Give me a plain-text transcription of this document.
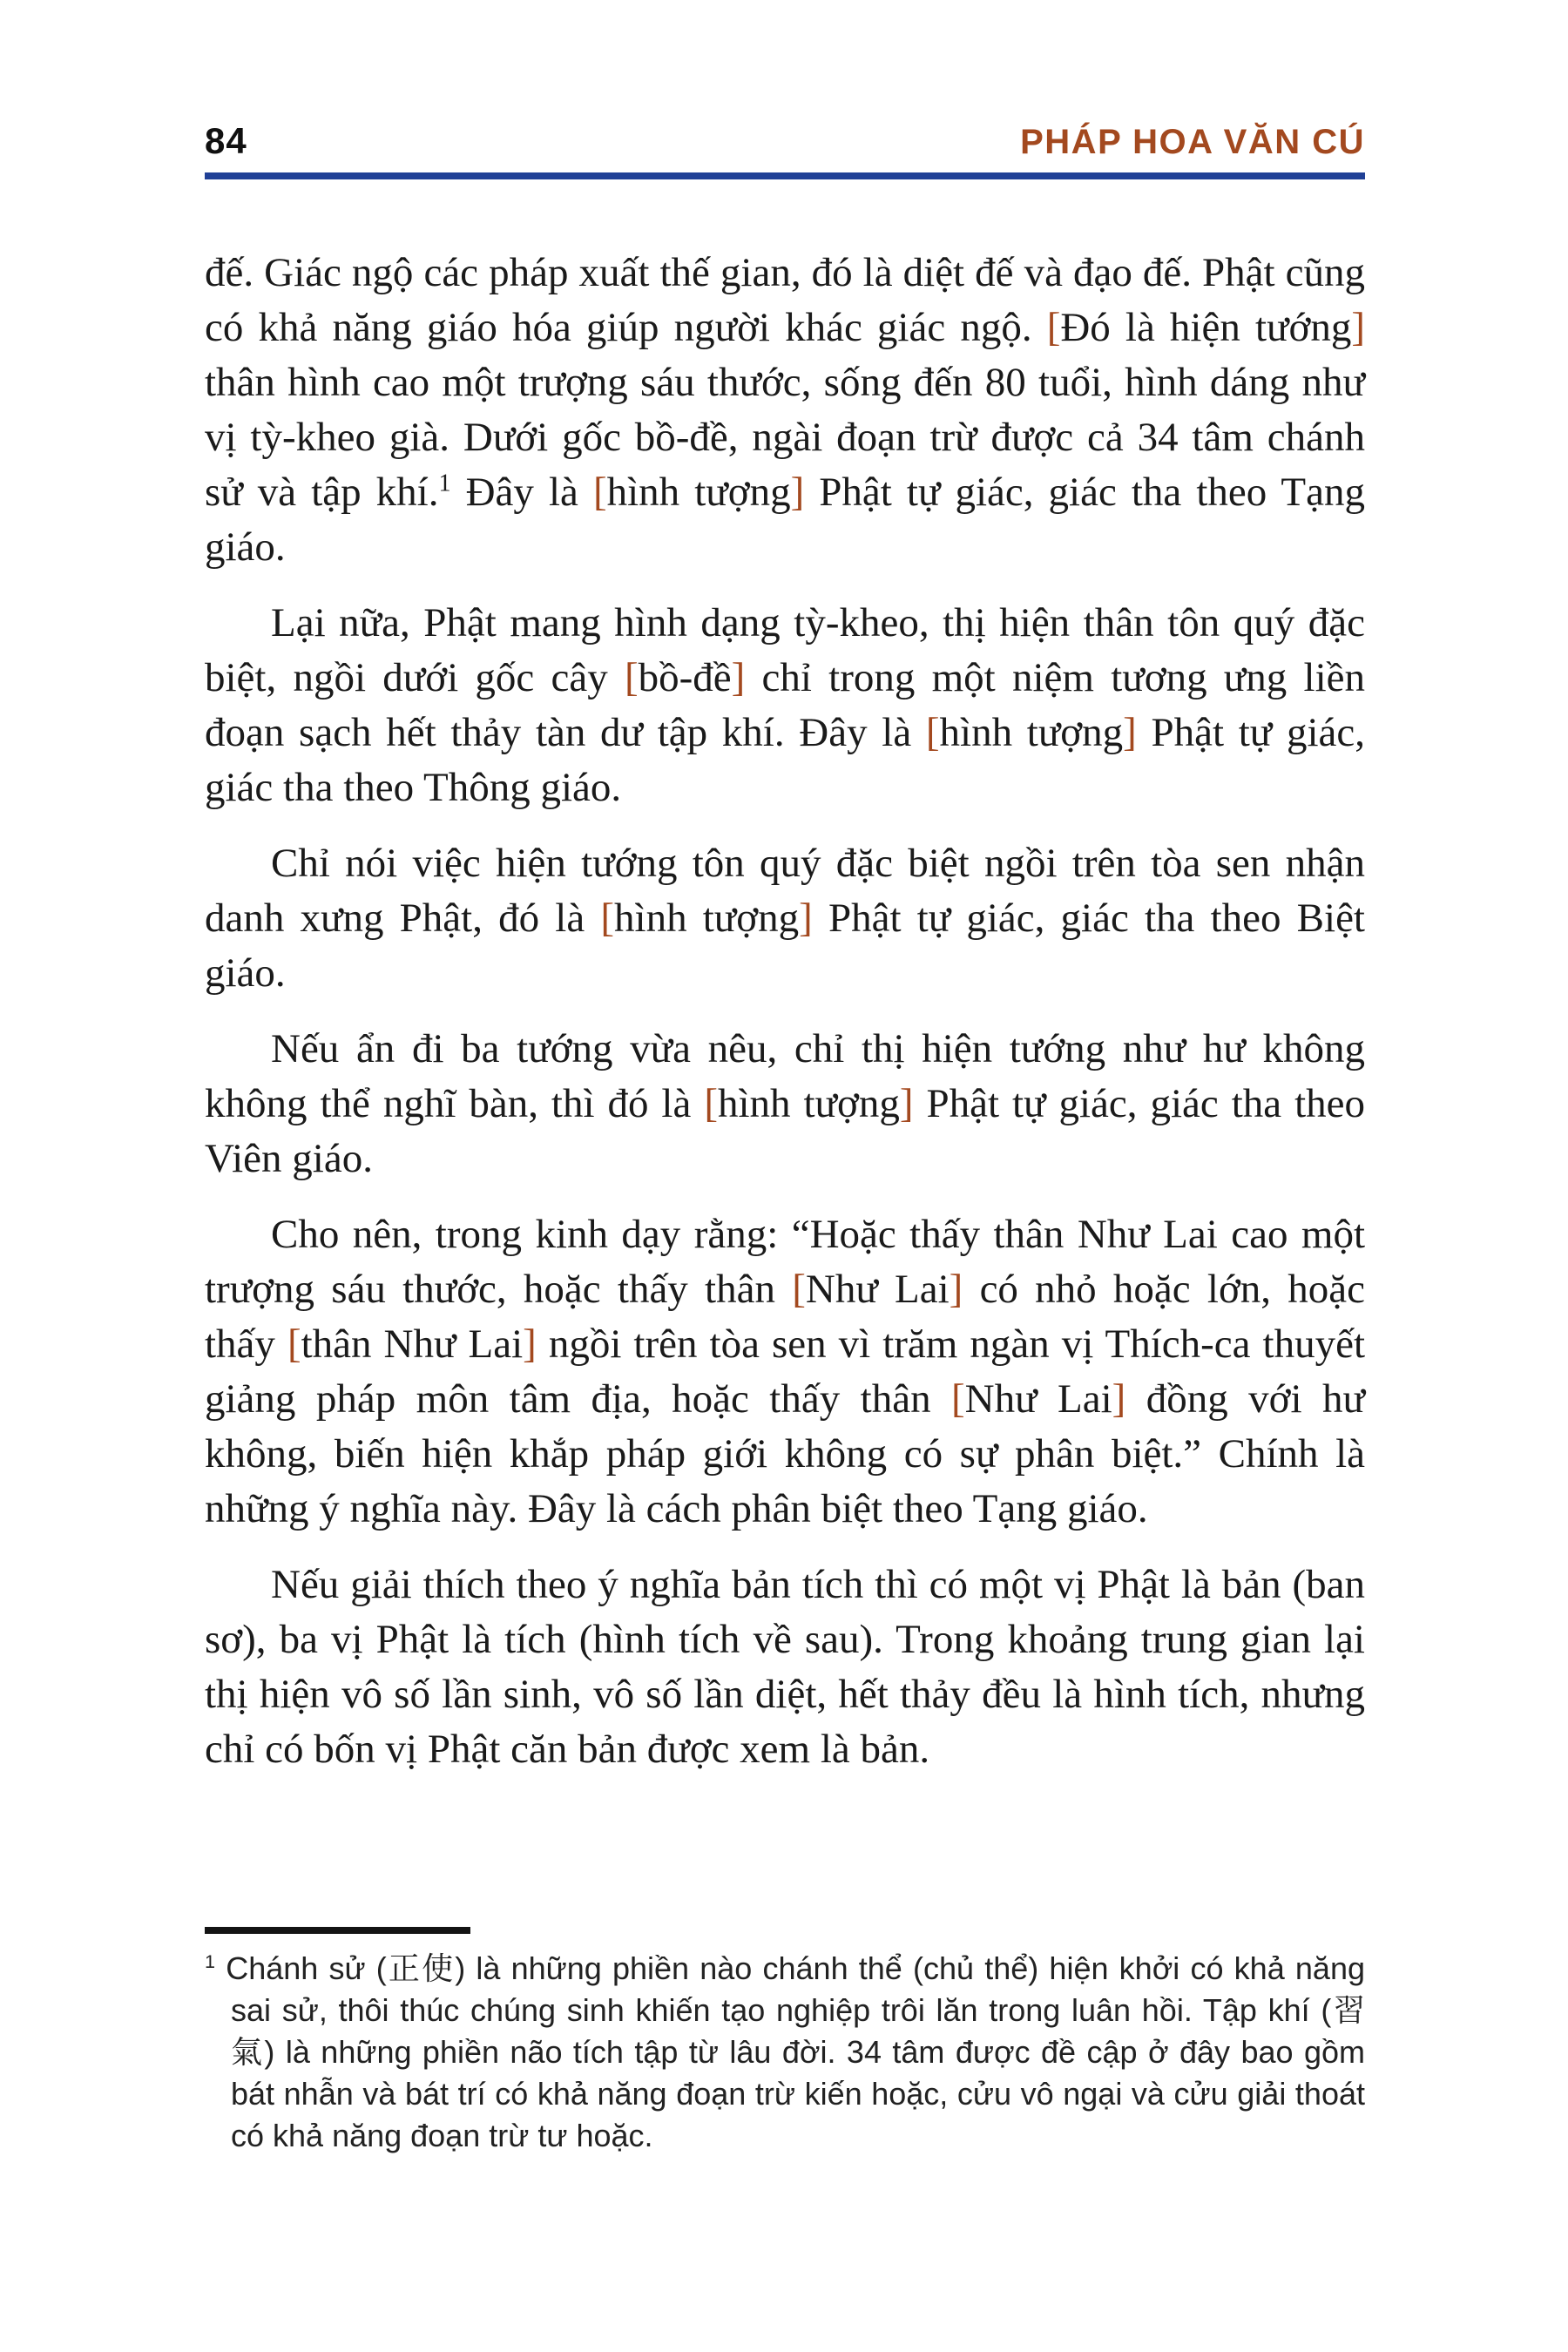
84	PHÁP HOA VĂN CÚ

đế. Giác ngộ các pháp xuất thế gian, đó là diệt đế và đạo đế. Phật cũng có khả năng giáo hóa giúp người khác giác ngộ. [Đó là hiện tướng] thân hình cao một trượng sáu thước, sống đến 80 tuổi, hình dáng như vị tỳ-kheo già. Dưới gốc bồ-đề, ngài đoạn trừ được cả 34 tâm chánh sử và tập khí.$^1$ Đây là [hình tượng] Phật tự giác, giác tha theo Tạng giáo.

Lại nữa, Phật mang hình dạng tỳ-kheo, thị hiện thân tôn quý đặc biệt, ngồi dưới gốc cây [bồ-đề] chỉ trong một niệm tương ưng liền đoạn sạch hết thảy tàn dư tập khí. Đây là [hình tượng] Phật tự giác, giác tha theo Thông giáo.

Chỉ nói việc hiện tướng tôn quý đặc biệt ngồi trên tòa sen nhận danh xưng Phật, đó là [hình tượng] Phật tự giác, giác tha theo Biệt giáo.

Nếu ẩn đi ba tướng vừa nêu, chỉ thị hiện tướng như hư không không thể nghĩ bàn, thì đó là [hình tượng] Phật tự giác, giác tha theo Viên giáo.

Cho nên, trong kinh dạy rằng: “Hoặc thấy thân Như Lai cao một trượng sáu thước, hoặc thấy thân [Như Lai] có nhỏ hoặc lớn, hoặc thấy [thân Như Lai] ngồi trên tòa sen vì trăm ngàn vị Thích-ca thuyết giảng pháp môn tâm địa, hoặc thấy thân [Như Lai] đồng với hư không, biến hiện khắp pháp giới không có sự phân biệt.” Chính là những ý nghĩa này. Đây là cách phân biệt theo Tạng giáo.

Nếu giải thích theo ý nghĩa bản tích thì có một vị Phật là bản (ban sơ), ba vị Phật là tích (hình tích về sau). Trong khoảng trung gian lại thị hiện vô số lần sinh, vô số lần diệt, hết thảy đều là hình tích, nhưng chỉ có bốn vị Phật căn bản được xem là bản.

$^1$ Chánh sử (正使) là những phiền nào chánh thể (chủ thể) hiện khởi có khả năng sai sử, thôi thúc chúng sinh khiến tạo nghiệp trôi lăn trong luân hồi. Tập khí (習氣) là những phiền não tích tập từ lâu đời. 34 tâm được đề cập ở đây bao gồm bát nhẫn và bát trí có khả năng đoạn trừ kiến hoặc, cửu vô ngại và cửu giải thoát có khả năng đoạn trừ tư hoặc.
